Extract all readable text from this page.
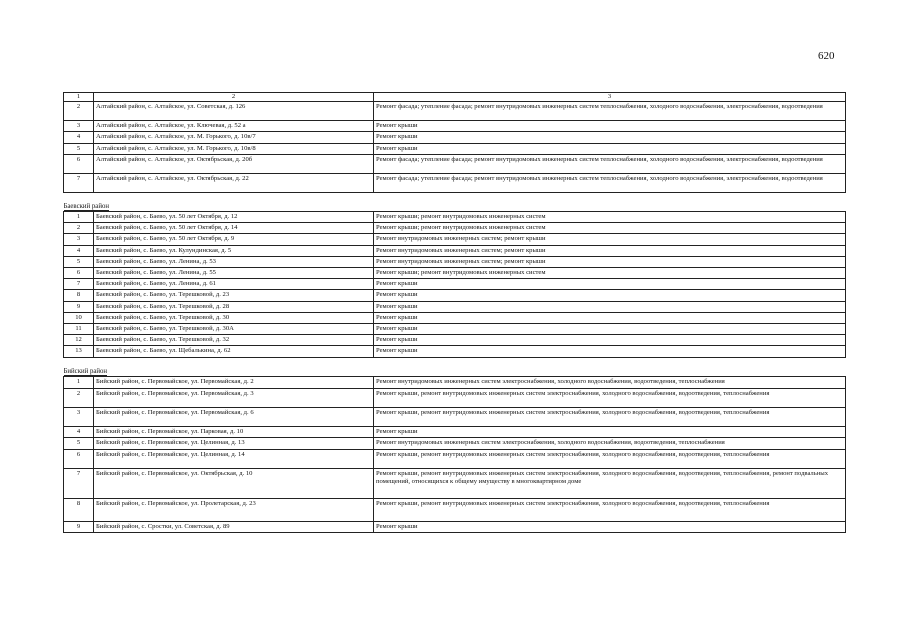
620
1	2	3
2	Алтайский район, с. Алтайское, ул. Советская, д. 126	Ремонт фасада; утепление фасада; ремонт внутридомовых инженерных систем теплоснабжения, холодного водоснабжения, электроснабжения, водоотведения
3	Алтайский район, с. Алтайское, ул. Ключевая, д. 52 а	Ремонт крыши
4	Алтайский район, с. Алтайское, ул. М. Горького, д. 10в/7	Ремонт крыши
5	Алтайский район, с. Алтайское, ул. М. Горького, д. 10в/8	Ремонт крыши
6	Алтайский район, с. Алтайское, ул. Октябрьская, д. 20б	Ремонт фасада; утепление фасада; ремонт внутридомовых инженерных систем теплоснабжения, холодного водоснабжения, электроснабжения, водоотведения
7	Алтайский район, с. Алтайское, ул. Октябрьская, д. 22	Ремонт фасада; утепление фасада; ремонт внутридомовых инженерных систем теплоснабжения, холодного водоснабжения, электроснабжения, водоотведения
Баевский район		
1	Баевский район, с. Баево, ул. 50 лет Октября, д. 12	Ремонт крыши; ремонт внутридомовых инженерных систем
2	Баевский район, с. Баево, ул. 50 лет Октября, д. 14	Ремонт крыши; ремонт внутридомовых инженерных систем
3	Баевский район, с. Баево, ул. 50 лет Октября, д. 9	Ремонт внутридомовых инженерных систем; ремонт крыши
4	Баевский район, с. Баево, ул. Кулундинская, д. 5	Ремонт внутридомовых инженерных систем; ремонт крыши
5	Баевский район, с. Баево, ул. Ленина, д. 53	Ремонт внутридомовых инженерных систем; ремонт крыши
6	Баевский район, с. Баево, ул. Ленина, д. 55	Ремонт крыши; ремонт внутридомовых инженерных систем
7	Баевский район, с. Баево, ул. Ленина, д. 61	Ремонт крыши
8	Баевский район, с. Баево, ул. Терешковой, д. 23	Ремонт крыши
9	Баевский район, с. Баево, ул. Терешковой, д. 28	Ремонт крыши
10	Баевский район, с. Баево, ул. Терешковой, д. 30	Ремонт крыши
11	Баевский район, с. Баево, ул. Терешковой, д. 30А	Ремонт крыши
12	Баевский район, с. Баево, ул. Терешковой, д. 32	Ремонт крыши
13	Баевский район, с. Баево, ул. Щебалькина, д. 62	Ремонт крыши
Бийский район		
1	Бийский район, с. Первомайское, ул. Первомайская, д. 2	Ремонт внутридомовых инженерных систем электроснабжения, холодного водоснабжения, водоотведения, теплоснабжения
2	Бийский район, с. Первомайское, ул. Первомайская, д. 3	Ремонт крыши, ремонт внутридомовых инженерных систем электроснабжения, холодного водоснабжения, водоотведения, теплоснабжения
3	Бийский район, с. Первомайское, ул. Первомайская, д. 6	Ремонт крыши, ремонт внутридомовых инженерных систем электроснабжения, холодного водоснабжения, водоотведения, теплоснабжения
4	Бийский район, с. Первомайское, ул. Парковая, д. 10	Ремонт крыши
5	Бийский район, с. Первомайское, ул. Целинная, д. 13	Ремонт внутридомовых инженерных систем электроснабжения, холодного водоснабжения, водоотведения, теплоснабжения
6	Бийский район, с. Первомайское, ул. Целинная, д. 14	Ремонт крыши, ремонт внутридомовых инженерных систем электроснабжения, холодного водоснабжения, водоотведения, теплоснабжения
7	Бийский район, с. Первомайское, ул. Октябрьская, д. 10	Ремонт крыши, ремонт внутридомовых инженерных систем электроснабжения, холодного водоснабжения, водоотведения, теплоснабжения, ремонт подвальных помещений, относящихся к общему имуществу в многоквартирном доме
8	Бийский район, с. Первомайское, ул. Пролетарская, д. 23	Ремонт крыши, ремонт внутридомовых инженерных систем электроснабжения, холодного водоснабжения, водоотведения, теплоснабжения
9	Бийский район, с. Сростки, ул. Советская, д. 89	Ремонт крыши
